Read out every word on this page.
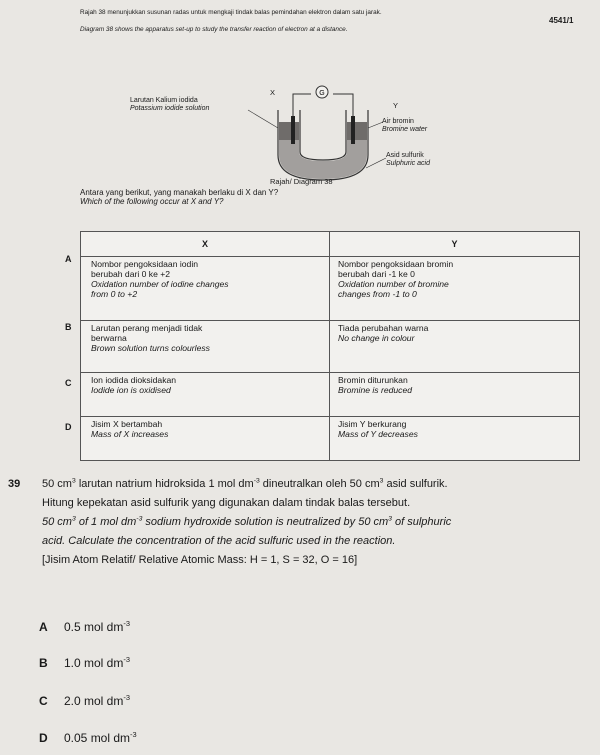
4541/1
Rajah 38 menunjukkan susunan radas untuk mengkaji tindak balas pemindahan elektron dalam satu jarak.
Diagram 38 shows the apparatus set-up to study the transfer reaction of electron at a distance.
G
Larutan Kalium iodida
Potassium iodide solution
X
Y
Air bromin
Bromine water
Asid sulfurik
Sulphuric acid
Rajah/ Diagram 38
Antara yang berikut, yang manakah berlaku di X dan Y?
Which of the following occur at X and Y?
A
B
C
D
X	Y

Nombor pengoksidaan iodin
berubah dari 0 ke +2
Oxidation number of iodine changes
from 0 to +2	Nombor pengoksidaan bromin
berubah dari -1 ke 0
Oxidation number of bromine
changes from -1 to 0

Larutan perang menjadi tidak
berwarna
Brown solution turns colourless	Tiada perubahan warna
No change in colour

Ion iodida dioksidakan
Iodide ion is oxidised	Bromin diturunkan
Bromine is reduced

Jisim X bertambah
Mass of X increases	Jisim Y berkurang
Mass of Y decreases
39 50 $cm^3$ larutan natrium hidroksida 1 mol $dm^{-3}$ dineutralkan oleh 50 $cm^3$ asid sulfurik.
Hitung kepekatan asid sulfurik yang digunakan dalam tindak balas tersebut.
50 $cm^3$ of 1 mol $dm^{-3}$ sodium hydroxide solution is neutralized by 50 $cm^3$ of sulphuric
acid. Calculate the concentration of the acid sulfuric used in the reaction.
[Jisim Atom Relatif/ Relative Atomic Mass: H = 1, S = 32, O = 16]
A 0.5 mol $dm^{-3}$
B 1.0 mol $dm^{-3}$
C 2.0 mol $dm^{-3}$
D 0.05 mol $dm^{-3}$
